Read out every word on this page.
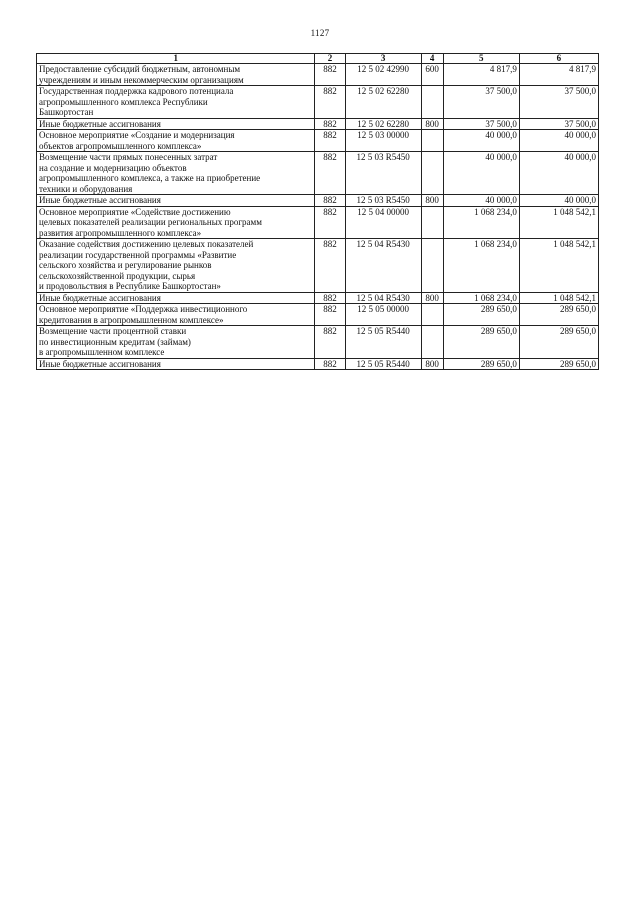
1127
1	2	3	4	5	6
Предоставление субсидий бюджетным, автономным
учреждениям и иным некоммерческим организациям	882	12 5 02 42990	600	4 817,9	4 817,9
Государственная поддержка кадрового потенциала
агропромышленного комплекса Республики
Башкортостан	882	12 5 02 62280		37 500,0	37 500,0
Иные бюджетные ассигнования	882	12 5 02 62280	800	37 500,0	37 500,0
Основное мероприятие «Создание и модернизация
объектов агропромышленного комплекса»	882	12 5 03 00000		40 000,0	40 000,0
Возмещение части прямых понесенных затрат
на создание и модернизацию объектов
агропромышленного комплекса, а также на приобретение
техники и оборудования	882	12 5 03 R5450		40 000,0	40 000,0
Иные бюджетные ассигнования	882	12 5 03 R5450	800	40 000,0	40 000,0
Основное мероприятие «Содействие достижению
целевых показателей реализации региональных программ
развития агропромышленного комплекса»	882	12 5 04 00000		1 068 234,0	1 048 542,1
Оказание содействия достижению целевых показателей
реализации государственной программы «Развитие
сельского хозяйства и регулирование рынков
сельскохозяйственной продукции, сырья
и продовольствия в Республике Башкортостан»	882	12 5 04 R5430		1 068 234,0	1 048 542,1
Иные бюджетные ассигнования	882	12 5 04 R5430	800	1 068 234,0	1 048 542,1
Основное мероприятие «Поддержка инвестиционного
кредитования в агропромышленном комплексе»	882	12 5 05 00000		289 650,0	289 650,0
Возмещение части процентной ставки
по инвестиционным кредитам (займам)
в агропромышленном комплексе	882	12 5 05 R5440		289 650,0	289 650,0
Иные бюджетные ассигнования	882	12 5 05 R5440	800	289 650,0	289 650,0
